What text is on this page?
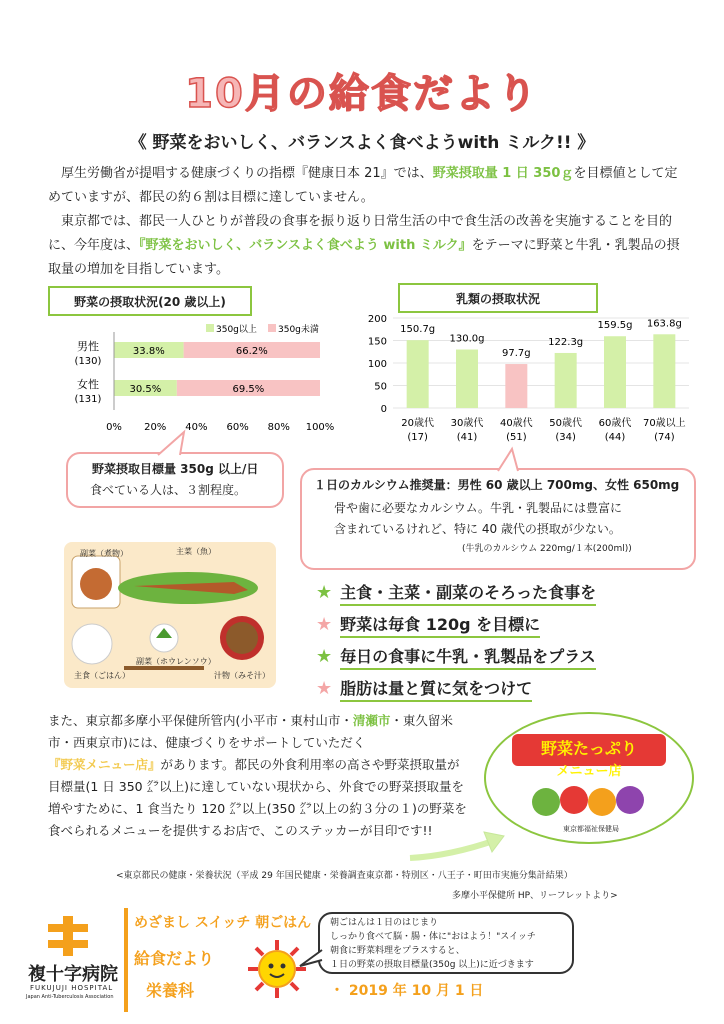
10月の給食だより
《 野菜をおいしく、バランスよく食べようwith ミルク!! 》
厚生労働省が提唱する健康づくりの指標『健康日本 21』では、野菜摂取量 1 日 350ｇを目標値として定めていますが、都民の約６割は目標に達していません。
東京都では、都民一人ひとりが普段の食事を振り返り日常生活の中で食生活の改善を実施することを目的に、今年度は、『野菜をおいしく、バランスよく食べよう with ミルク』をテーマに野菜と牛乳・乳製品の摂取量の増加を目指しています。
野菜の摂取状況(20 歳以上)	乳類の摂取状況
350g以上 350g未満
男性
(130)
33.8%	66.2%
女性
(131)
30.5%	69.5%
0% 20% 40% 60% 80% 100%
0
50
100
150
200
150.7g
20歳代
(17)
130.0g
30歳代
(41)
97.7g
40歳代
(51)
122.3g
50歳代
(34)
159.5g
60歳代
(44)
163.8g
70歳以上
(74)
野菜摂取目標量 350g 以上/日
食べている人は、３割程度。	１日のカルシウム推奨量：男性 60 歳以上 700mg、女性 650mg
骨や歯に必要なカルシウム。牛乳・乳製品には豊富に
含まれているけれど、特に 40 歳代の摂取が少ない。
(牛乳のカルシウム 220mg/１本(200ml))
副菜（煮物）	主菜（魚）
副菜（ホウレンソウ）
主食（ごはん）	汁物（みそ汁）
★ 主食・主菜・副菜のそろった食事を
★ 野菜は毎食 120g を目標に
★ 毎日の食事に牛乳・乳製品をプラス
★ 脂肪は量と質に気をつけて
また、東京都多摩小平保健所管内(小平市・東村山市・清瀬市・東久留米市・西東京市)には、健康づくりをサポートしていただく『野菜メニュー店』があります。都民の外食利用率の高さや野菜摂取量が目標量(1 日 350 ㌘以上)に達していない現状から、外食での野菜摂取量を増やすために、1 食当たり 120 ㌘以上(350 ㌘以上の約３分の１)の野菜を食べられるメニューを提供するお店で、このステッカーが目印です!!
野菜たっぷり
メニュー店
東京都福祉保健局
<東京都民の健康・栄養状況（平成 29 年国民健康・栄養調査東京都・特別区・八王子・町田市実施分集計結果）
多摩小平保健所 HP、リーフレットより>
複十字病院
FUKUJUJI HOSPITAL
Japan Anti-Tuberculosis Association
めざまし スイッチ 朝ごはん
給食だより
栄養科
朝ごはんは１日のはじまり
しっかり食べて脳・腸・体に"おはよう！"スイッチ
朝食に野菜料理をプラスすると、
１日の野菜の摂取目標量(350g 以上)に近づきます
・ 2019 年 10 月 1 日
